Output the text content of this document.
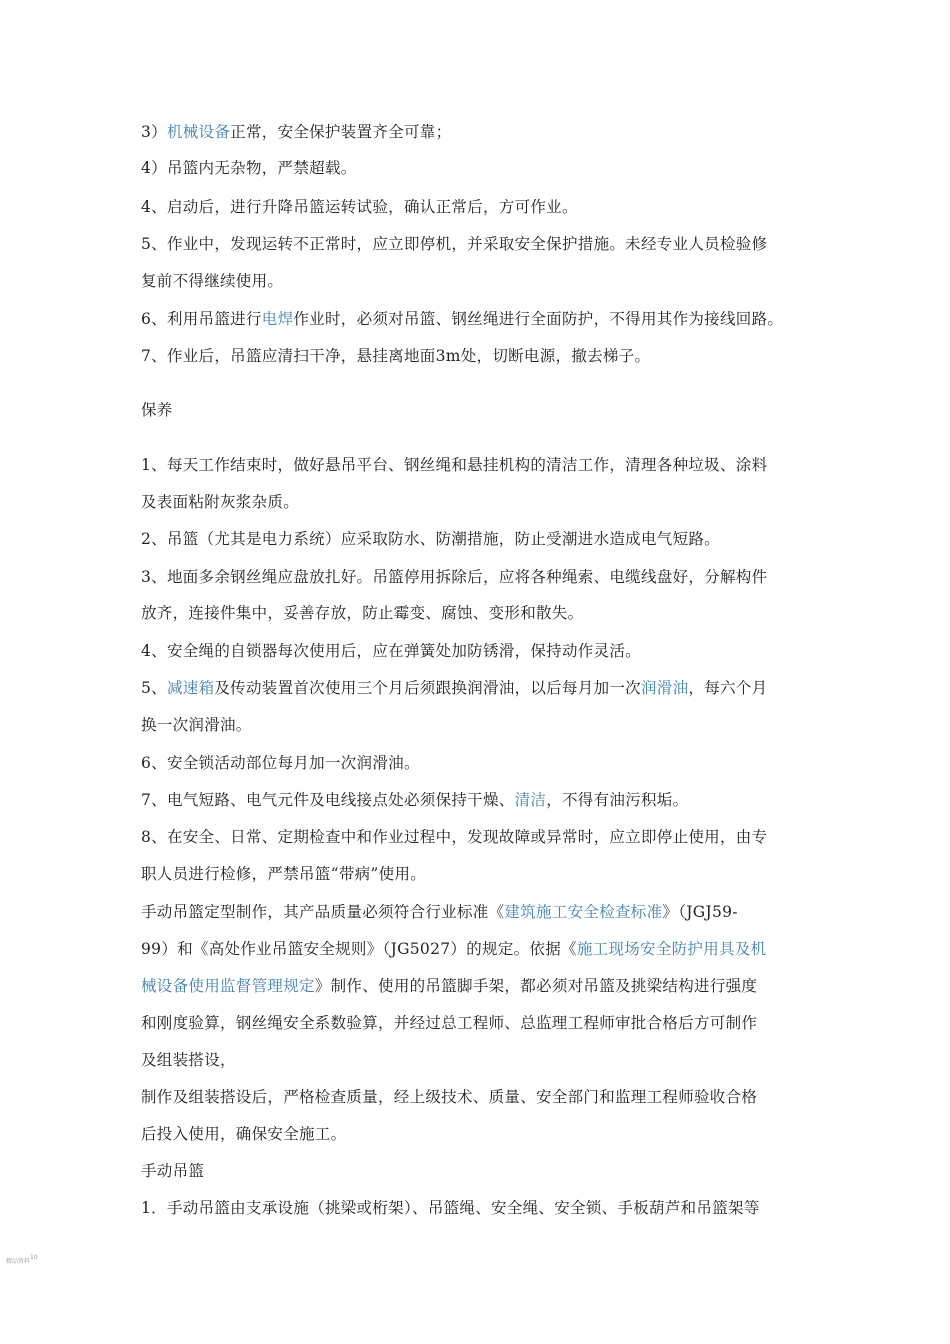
3）机械设备正常，安全保护装置齐全可靠；
4）吊篮内无杂物，严禁超载。
4、启动后，进行升降吊篮运转试验，确认正常后，方可作业。
5、作业中，发现运转不正常时，应立即停机，并采取安全保护措施。未经专业人员检验修
复前不得继续使用。
6、利用吊篮进行电焊作业时，必须对吊篮、钢丝绳进行全面防护，不得用其作为接线回路。
7、作业后，吊篮应清扫干净，悬挂离地面3m处，切断电源，撤去梯子。
保养
1、每天工作结束时，做好悬吊平台、钢丝绳和悬挂机构的清洁工作，清理各种垃圾、涂料
及表面粘附灰浆杂质。
2、吊篮（尤其是电力系统）应采取防水、防潮措施，防止受潮进水造成电气短路。
3、地面多余钢丝绳应盘放扎好。吊篮停用拆除后，应将各种绳索、电缆线盘好，分解构件
放齐，连接件集中，妥善存放，防止霉变、腐蚀、变形和散失。
4、安全绳的自锁器每次使用后，应在弹簧处加防锈滑，保持动作灵活。
5、减速箱及传动装置首次使用三个月后须跟换润滑油，以后每月加一次润滑油，每六个月
换一次润滑油。
6、安全锁活动部位每月加一次润滑油。
7、电气短路、电气元件及电线接点处必须保持干燥、清洁，不得有油污积垢。
8、在安全、日常、定期检查中和作业过程中，发现故障或异常时，应立即停止使用，由专
职人员进行检修，严禁吊篮“带病”使用。
手动吊篮定型制作，其产品质量必须符合行业标准《建筑施工安全检查标准》（JGJ59-
99）和《高处作业吊篮安全规则》（JG5027）的规定。依据《施工现场安全防护用具及机
械设备使用监督管理规定》制作、使用的吊篮脚手架，都必须对吊篮及挑梁结构进行强度
和刚度验算，钢丝绳安全系数验算，并经过总工程师、总监理工程师审批合格后方可制作
及组装搭设，
制作及组装搭设后，严格检查质量，经上级技术、质量、安全部门和监理工程师验收合格
后投入使用，确保安全施工。
手动吊篮
1．手动吊篮由支承设施（挑梁或桁架）、吊篮绳、安全绳、安全锁、手板葫芦和吊篮架等
精品资料$^{10}$
